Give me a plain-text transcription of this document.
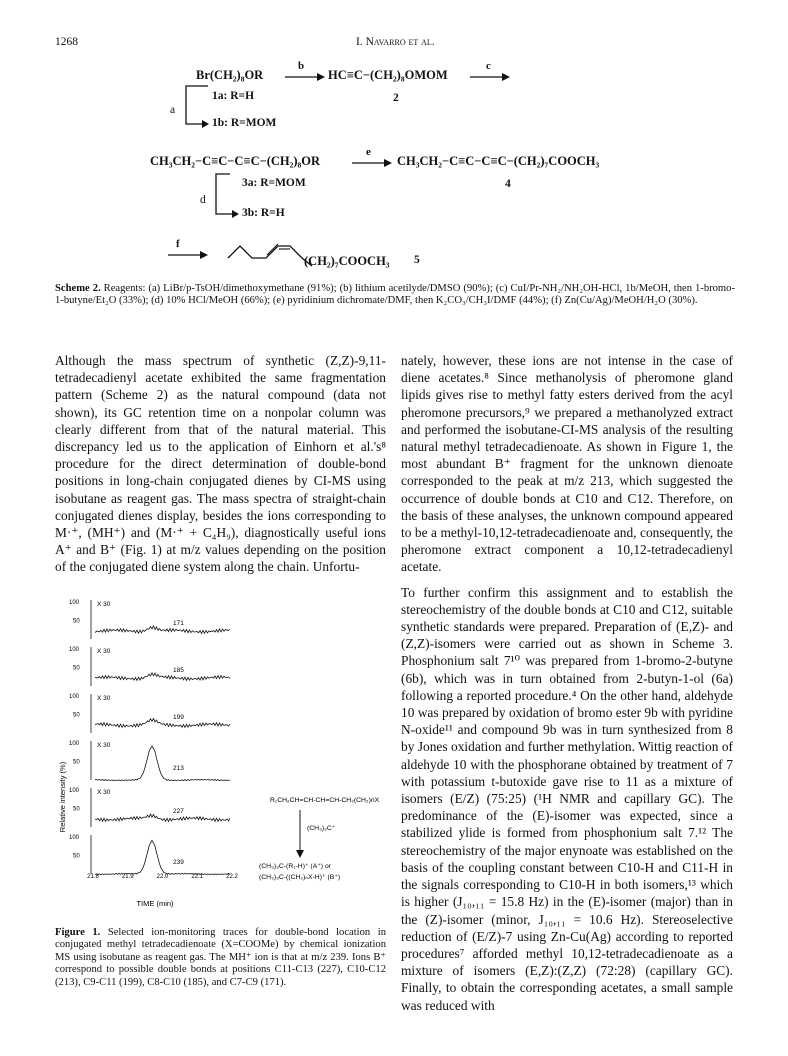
1268	I. Navarro et al.
Br(CH₂)₈OR
b
HC≡C−(CH₂)₈OMOM
c
2
a
1a: R=H
1b: R=MOM
CH₃CH₂−C≡C−C≡C−(CH₂)₈OR
e
CH₃CH₂−C≡C−C≡C−(CH₂)₇COOCH₃
4
d
3a: R=MOM
3b: R=H
f
(CH₂)₇COOCH₃ 5
Scheme 2. Reagents: (a) LiBr/p-TsOH/dimethoxymethane (91%); (b) lithium acetilyde/DMSO (90%); (c) CuI/Pr-NH₂/NH₂OH-HCl, 1b/MeOH, then 1-bromo-1-butyne/Et₂O (33%); (d) 10% HCl/MeOH (66%); (e) pyridinium dichromate/DMF, then K₂CO₃/CH₃I/DMF (44%); (f) Zn(Cu/Ag)/MeOH/H₂O (30%).

Although the mass spectrum of synthetic (Z,Z)-9,11-tetradecadienyl acetate exhibited the same fragmentation pattern (Scheme 2) as the natural compound (data not shown), its GC retention time on a nonpolar column was clearly different from that of the natural material. This discrepancy led us to the application of Einhorn et al.'s⁸ procedure for the direct determination of double-bond positions in long-chain conjugated dienes by CI-MS using isobutane as reagent gas. The mass spectra of straight-chain conjugated dienes display, besides the ions corresponding to M·⁺, (MH⁺) and (M·⁺ + C₄H₉), diagnostically useful ions A⁺ and B⁺ (Fig. 1) at m/z values depending on the position of the conjugated diene system along the chain. Unfortu-

nately, however, these ions are not intense in the case of diene acetates.⁸ Since methanolysis of pheromone gland lipids gives rise to methyl fatty esters derived from the acyl pheromone precursors,⁹ we prepared a methanolyzed extract and performed the isobutane-CI-MS analysis of the resulting natural methyl tetradecadienoate. As shown in Figure 1, the most abundant B⁺ fragment for the unknown dienoate corresponded to the peak at m/z 213, which suggested the occurrence of double bonds at C10 and C12. Therefore, on the basis of these analyses, the unknown compound appeared to be a methyl-10,12-tetradecadienoate and, consequently, the pheromone extract component a 10,12-tetradecadienyl acetate.

To further confirm this assignment and to establish the stereochemistry of the double bonds at C10 and C12, suitable synthetic standards were prepared. Preparation of (E,Z)- and (Z,Z)-isomers were carried out as shown in Scheme 3. Phosphonium salt 7¹⁰ was prepared from 1-bromo-2-butyne (6b), which was in turn obtained from 2-butyn-1-ol (6a) following a reported procedure.⁴ On the other hand, aldehyde 10 was prepared by oxidation of bromo ester 9b with pyridine N-oxide¹¹ and compound 9b was in turn synthesized from 8 by Jones oxidation and further methylation. Wittig reaction of aldehyde 10 with the phosphorane obtained by treatment of 7 with potassium t-butoxide gave rise to 11 as a mixture of isomers (E/Z) (75:25) (¹H NMR and capillary GC). The predominance of the (E)-isomer was expected, since a stabilized ylide is formed from phosphonium salt 7.¹² The stereochemistry of the major enynoate was established on the basis of the coupling constant between C10-H and C11-H in the signals corresponding to C10-H in both isomers,¹³ which is higher (J₁₀,₁₁ = 15.8 Hz) in the (E)-isomer (major) than in the (Z)-isomer (minor, J₁₀,₁₁ = 10.6 Hz). Stereoselective reduction of (E/Z)-7 using Zn-Cu(Ag) according to reported procedures⁷ afforded methyl 10,12-tetradecadienoate as a mixture of isomers (E,Z):(Z,Z) (72:28) (capillary GC). Finally, to obtain the corresponding acetates, a small sample was reduced with

Relative intensity (%)
100
50
X 30
171
100
50
X 30
185
100
50
X 30
199
100
50
X 30
213
100
50
X 30
227
100
50
239
21.8	21.9	22.0	22.1	22.2
TIME (min)
R₁CH₂CH=CH-CH=CH-CH₂(CH₂)nX
(CH₃)₃C⁺
(CH₃)₃C-(R₁-H)⁺ (A⁺) or
(CH₃)₃C-((CH₂)ₙX-H)⁺ (B⁺)
Figure 1. Selected ion-monitoring traces for double-bond location in conjugated methyl tetradecadienoate (X=COOMe) by chemical ionization MS using isobutane as reagent gas. The MH⁺ ion is that at m/z 239. Ions B⁺ correspond to possible double bonds at positions C11-C13 (227), C10-C12 (213), C9-C11 (199), C8-C10 (185), and C7-C9 (171).
